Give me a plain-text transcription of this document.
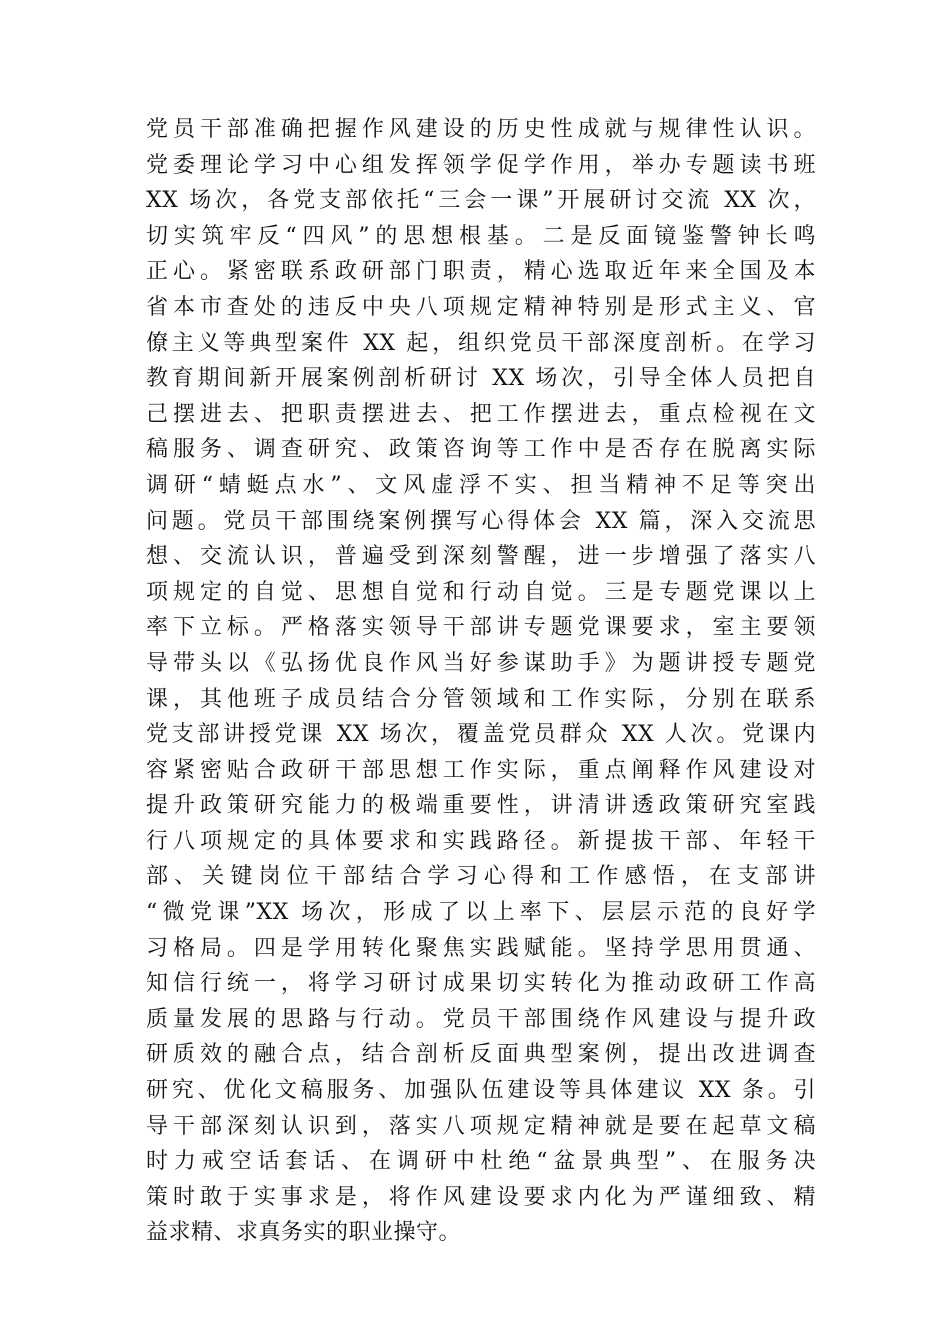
党员干部准确把握作风建设的历史性成就与规律性认识。
党委理论学习中心组发挥领学促学作用，举办专题读书班
XX 场次，各党支部依托“三会一课”开展研讨交流 XX 次，
切实筑牢反“四风”的思想根基。二是反面镜鉴警钟长鸣
正心。紧密联系政研部门职责，精心选取近年来全国及本
省本市查处的违反中央八项规定精神特别是形式主义、官
僚主义等典型案件 XX 起，组织党员干部深度剖析。在学习
教育期间新开展案例剖析研讨 XX 场次，引导全体人员把自
己摆进去、把职责摆进去、把工作摆进去，重点检视在文
稿服务、调查研究、政策咨询等工作中是否存在脱离实际
调研“蜻蜓点水”、文风虚浮不实、担当精神不足等突出
问题。党员干部围绕案例撰写心得体会 XX 篇，深入交流思
想、交流认识，普遍受到深刻警醒，进一步增强了落实八
项规定的自觉、思想自觉和行动自觉。三是专题党课以上
率下立标。严格落实领导干部讲专题党课要求，室主要领
导带头以《弘扬优良作风当好参谋助手》为题讲授专题党
课，其他班子成员结合分管领域和工作实际，分别在联系
党支部讲授党课 XX 场次，覆盖党员群众 XX 人次。党课内
容紧密贴合政研干部思想工作实际，重点阐释作风建设对
提升政策研究能力的极端重要性，讲清讲透政策研究室践
行八项规定的具体要求和实践路径。新提拔干部、年轻干
部、关键岗位干部结合学习心得和工作感悟，在支部讲
“微党课”XX 场次，形成了以上率下、层层示范的良好学
习格局。四是学用转化聚焦实践赋能。坚持学思用贯通、
知信行统一，将学习研讨成果切实转化为推动政研工作高
质量发展的思路与行动。党员干部围绕作风建设与提升政
研质效的融合点，结合剖析反面典型案例，提出改进调查
研究、优化文稿服务、加强队伍建设等具体建议 XX 条。引
导干部深刻认识到，落实八项规定精神就是要在起草文稿
时力戒空话套话、在调研中杜绝“盆景典型”、在服务决
策时敢于实事求是，将作风建设要求内化为严谨细致、精
益求精、求真务实的职业操守。
